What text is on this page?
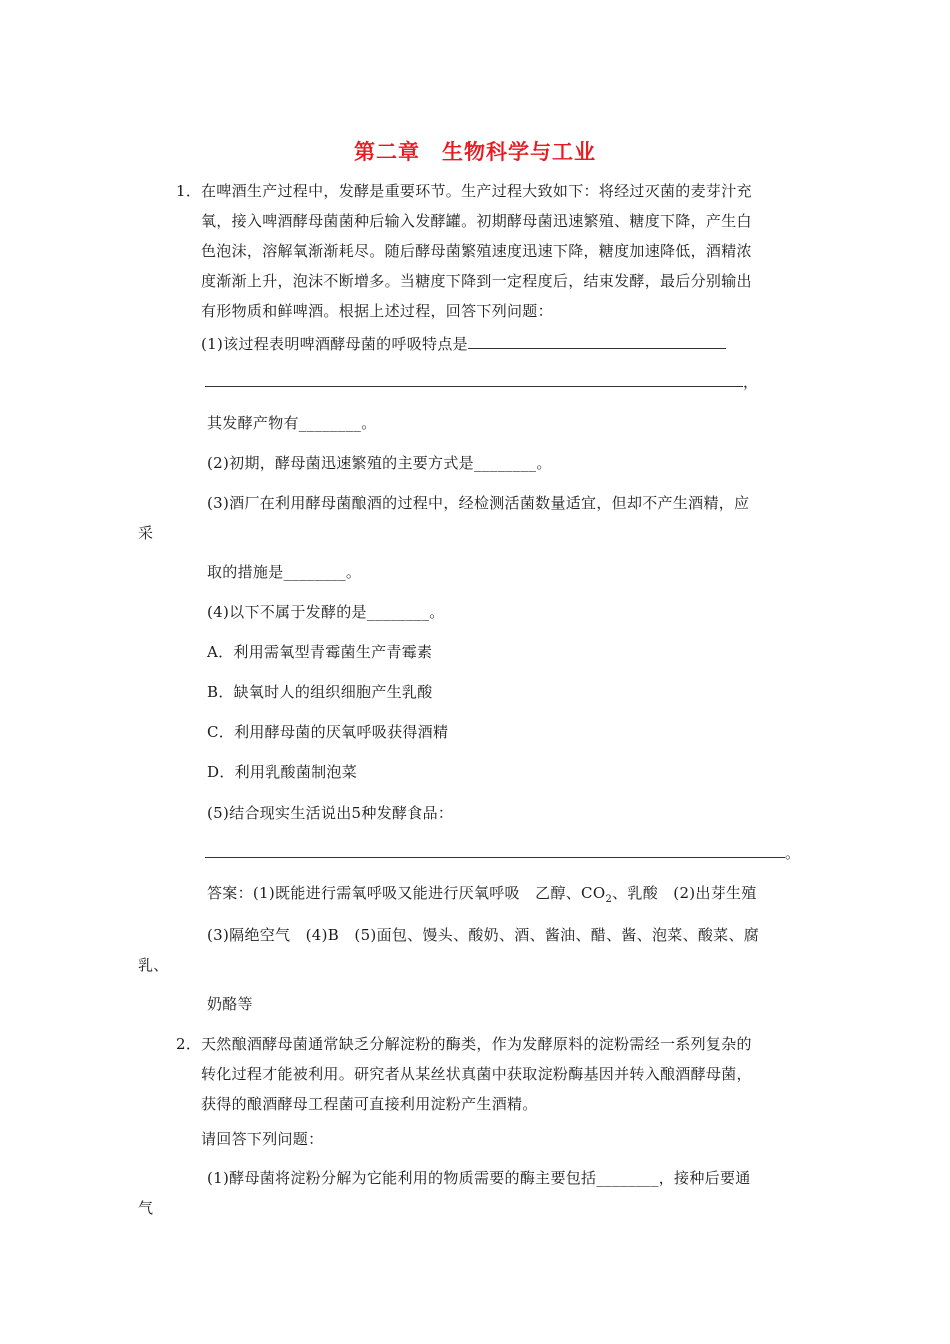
第二章　生物科学与工业
1． 在啤酒生产过程中，发酵是重要环节。生产过程大致如下：将经过灭菌的麦芽汁充
氧，接入啤酒酵母菌菌种后输入发酵罐。初期酵母菌迅速繁殖、糖度下降，产生白
色泡沫，溶解氧渐渐耗尽。随后酵母菌繁殖速度迅速下降，糖度加速降低，酒精浓
度渐渐上升，泡沫不断增多。当糖度下降到一定程度后，结束发酵，最后分别输出
有形物质和鲜啤酒。根据上述过程，回答下列问题：
(1)该过程表明啤酒酵母菌的呼吸特点是
，
其发酵产物有________。
(2)初期，酵母菌迅速繁殖的主要方式是________。
(3)酒厂在利用酵母菌酿酒的过程中，经检测活菌数量适宜，但却不产生酒精，应
采
取的措施是________。
(4)以下不属于发酵的是________。
A．利用需氧型青霉菌生产青霉素
B．缺氧时人的组织细胞产生乳酸
C．利用酵母菌的厌氧呼吸获得酒精
D．利用乳酸菌制泡菜
(5)结合现实生活说出5种发酵食品：
。
答案：(1)既能进行需氧呼吸又能进行厌氧呼吸　乙醇、$CO_2$、乳酸　(2)出芽生殖
(3)隔绝空气　(4)B　(5)面包、馒头、酸奶、酒、酱油、醋、酱、泡菜、酸菜、腐
乳、
奶酪等
2． 天然酿酒酵母菌通常缺乏分解淀粉的酶类，作为发酵原料的淀粉需经一系列复杂的
转化过程才能被利用。研究者从某丝状真菌中获取淀粉酶基因并转入酿酒酵母菌，
获得的酿酒酵母工程菌可直接利用淀粉产生酒精。
请回答下列问题：
(1)酵母菌将淀粉分解为它能利用的物质需要的酶主要包括________，接种后要通
气
